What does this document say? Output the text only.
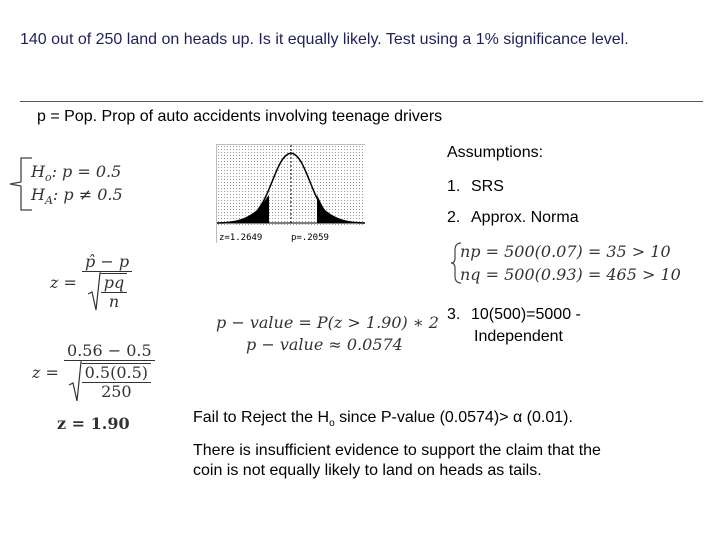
140 out of 250 land on heads up. Is it equally likely. Test using a 1% significance level.
p = Pop. Prop of auto accidents involving teenage drivers
$H_o$: p = 0.5
$H_A$: p ≠ 0.5
$z = \frac{p̂ - p}{\frac{pq}{n}}$
$z = \frac{0.56 - 0.5}{\frac{0.5(0.5)}{250}}$
z = 1.90
z=1.2649	p=.2059
p − value = P(z > 1.90) ∗ 2
p − value ≈ 0.0574
Assumptions:
1. SRS
2. Approx. Norma
np = 500(0.07) = 35 > 10
nq = 500(0.93) = 465 > 10
3. 10(500)=5000 -
Independent
Fail to Reject the $H_o$ since P-value (0.0574)> α (0.01).
There is insufficient evidence to support the claim that the coin is not equally likely to land on heads as tails.
